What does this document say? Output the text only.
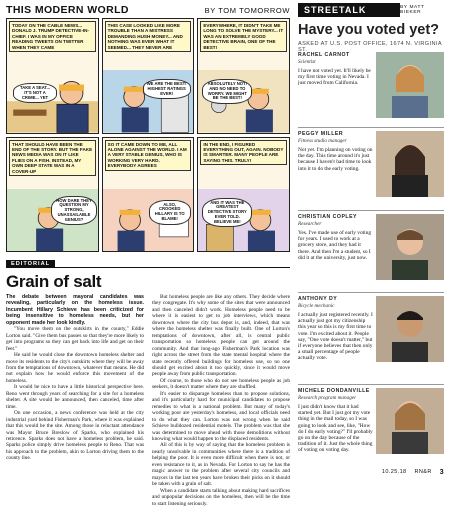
THIS MODERN WORLD	BY TOM TOMORROW
TODAY ON THE CABLE NEWS... DONALD J. TRUMP DETECTIVE-IN-CHIEF. I WAS IN MY OFFICE READING TWEETS ON TWITTER WHEN THEY CAME
TAKE A SEAT... IT'S NOT A CRIME... YET
THIS CASE LOOKED LIKE MORE TROUBLE THAN A MISTRESS DEMANDING HUSH MONEY... AND NOTHING WAS EVER WHAT IT SEEMED... THEY NEVER ARE
WE ARE THE BEST! HIGHEST RATINGS EVER!
EVERYWHERE, IT DIDN'T TAKE ME LONG TO SOLVE THE MYSTERY... IT WAS AN EXTREMELY GOOD DETECTIVE BRAIN, ONE OF THE BEST!
ABSOLUTELY NOT! AND NO NEED TO WORRY. WE MIGHT BE THE BEST!
THAT SHOULD HAVE BEEN THE END OF THE STORY. BUT THE FAKE NEWS MEDIA WAS ON IT LIKE FLIES ON A FISH. INSTEAD, MY OWN DEEP STATE WAS IN A COVER-UP
HOW DARE THEY QUESTION MY STRONG, UNASSAILABLE GENIUS?
SO IT CAME DOWN TO ME, ALL ALONE AGAINST THE WORLD. I AM A VERY STABLE GENIUS, WHO IS WORKING VERY HARD. EVERYBODY AGREES
ALSO, CROOKED HILLARY IS TO BLAME!
IN THE END, I FIGURED EVERYTHING OUT, AGAIN. NOBODY IS SMARTER. MANY PEOPLE ARE SAYING THIS. TRULY!
AND IT WAS THE GREATEST DETECTIVE STORY EVER TOLD. BELIEVE ME!
STREETALK	BY MATT BIEKER
Have you voted yet?
ASKED AT U.S. POST OFFICE, 1674 N. VIRGINIA ST.
RACHEL CARNOT
Scientist
I have not voted yet. It'll likely be my first time voting in Nevada. I just moved from California.
PEGGY MILLER
Fitness studio manager
Not yet. I'm planning on voting on the day. This time around it's just because I haven't had time to look into it to do the early voting.
CHRISTIAN COPLEY
Researcher
Yes. I've made use of early voting for years. I used to work at a grocery store, and they had it there. And then I'm a student, so I did it at the university, just now.
ANTHONY DY
Bicycle mechanic
I actually just registered recently. I actually just got my citizenship this year so this is my first time to vote. I'm excited about it. People say, "One vote doesn't matter," but if everyone believes that then only a small percentage of people actually vote.
MICHELE DONDANVILLE
Research program manager
I just didn't know that it had started yet. But I just got my vote thing in the mail today, so I was going to look and see, like, "How do I do early voting?" I'll probably go on the day because of the tradition of it. Just the whole thing of voting on voting day.
EDITORIAL
Grain of salt

The debate between mayoral candidates was revealing, particularly on the homeless issue. Incumbent Hillary Schieve has been criticized for being insensitive to homeless needs, but her opponent made her look kindly.

"You move them on the outskirts in the county," Eddie Lorton said. "Give them bus passes so that they're more likely to get into programs so they can get back into life and get on their feet."

He said he would close the downtown homeless shelter and move its residents to the city's outskirts where they will be away from the temptations of downtown, whatever that means. He did not explain how he would enforce this movement of the homeless.

It would be nice to have a little historical perspective here. Reno went through years of searching for a site for a homeless shelter. A site would be announced, then canceled, time after time.

On one occasion, a news conference was held at the city industrial yard behind Fisherman's Park, where it was explained that this would be the site. Among those in reluctant attendance was Mayor Bruce Breslow of Sparks, who explained his reticence. Sparks does not have a homeless problem, he said. Sparks police simply drive homeless people to Reno. That was his approach to the problem, akin to Lorton driving them to the county line.

But homeless people are like any others. They decide where they congregate. It's why some of the sites that were announced and then canceled didn't work. Homeless people need to be where it is easiest to get to job interviews, which means downtown where the city bus depot is, and, indeed, that was where the homeless shelter was finally built. One of Lorton's temptations of downtown, after all, is central public transportation so homeless people can get around the community. And that long-ago Fisherman's Park location was right across the street from the state mental hospital where the state recently offered buildings for homeless use, so no one should get excited about it too quickly, since it would move people away from public transportation.

Of course, to those who do not see homeless people as job seekers, it doesn't matter where they are shuffled.

It's easier to disparage homeless than to propose solutions, and it's particularly hard for municipal candidates to propose remedies to what is a national problem. But many of today's working poor are yesterday's homeless, and local officials need to do what they can. Lorton was not wrong when he said Schieve bulldozed residential motels. The problem was that she was determined to move ahead with those demolitions without knowing what would happen to the displaced residents.

All of this is by way of saying that the homeless problem is nearly unsolvable in communities where there is a tradition of helping the poor. It is even more difficult when there is not, or even resistance to it, as in Nevada. For Lorton to say he has the magic answer to the problem after several city councils and mayors in the last ten years have broken their picks on it should be taken with a grain of salt.

When a candidate starts talking about making hard sacrifices and unpopular decisions on the homeless, then will be the time to start listening seriously.

10.25.18 RN&R 3
